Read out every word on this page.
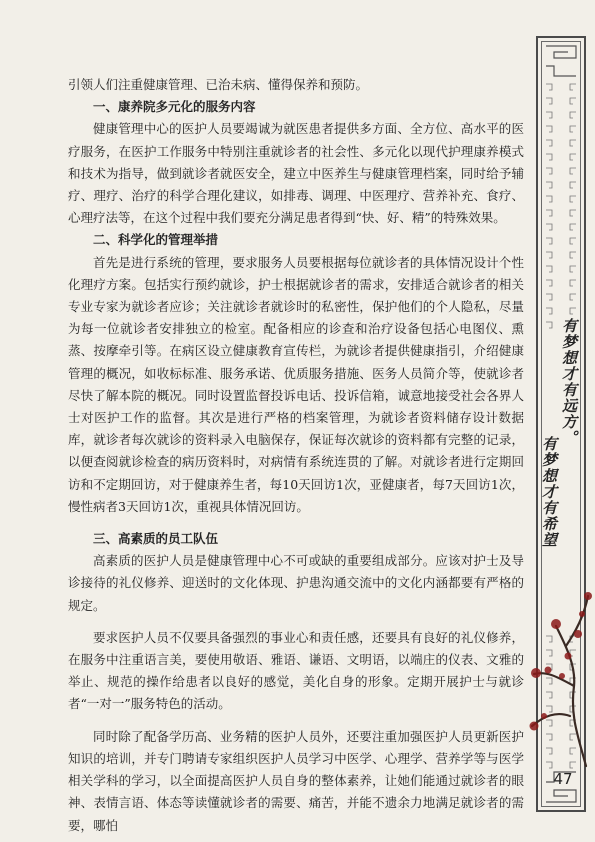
引领人们注重健康管理、已治未病、懂得保养和预防。

一、康养院多元化的服务内容

健康管理中心的医护人员要竭诚为就医患者提供多方面、全方位、高水平的医疗服务，在医护工作服务中特别注重就诊者的社会性、多元化以现代护理康养模式和技术为指导，做到就诊者就医安全，建立中医养生与健康管理档案，同时给予辅疗、理疗、治疗的科学合理化建议，如排毒、调理、中医理疗、营养补充、食疗、心理疗法等，在这个过程中我们要充分满足患者得到“快、好、精”的特殊效果。

二、科学化的管理举措

首先是进行系统的管理，要求服务人员要根据每位就诊者的具体情况设计个性化理疗方案。包括实行预约就诊，护士根据就诊者的需求，安排适合就诊者的相关专业专家为就诊者应诊；关注就诊者就诊时的私密性，保护他们的个人隐私，尽量为每一位就诊者安排独立的检室。配备相应的诊查和治疗设备包括心电图仪、熏蒸、按摩牵引等。在病区设立健康教育宣传栏，为就诊者提供健康指引，介绍健康管理的概况，如收标标准、服务承诺、优质服务措施、医务人员简介等，使就诊者尽快了解本院的概况。同时设置监督投诉电话、投诉信箱，诚意地接受社会各界人士对医护工作的监督。其次是进行严格的档案管理，为就诊者资料储存设计数据库，就诊者每次就诊的资料录入电脑保存，保证每次就诊的资料都有完整的记录，以便查阅就诊检查的病历资料时，对病情有系统连贯的了解。对就诊者进行定期回访和不定期回访，对于健康养生者，每10天回访1次，亚健康者，每7天回访1次，慢性病者3天回访1次，重视具体情况回访。

三、高素质的员工队伍

高素质的医护人员是健康管理中心不可或缺的重要组成部分。应该对护士及导诊接待的礼仪修养、迎送时的文化体现、护患沟通交流中的文化内涵都要有严格的规定。

要求医护人员不仅要具备强烈的事业心和责任感，还要具有良好的礼仪修养，在服务中注重语言美，要使用敬语、雅语、谦语、文明语，以端庄的仪表、文雅的举止、规范的操作给患者以良好的感觉，美化自身的形象。定期开展护士与就诊者“一对一”服务特色的活动。

同时除了配备学历高、业务精的医护人员外，还要注重加强医护人员更新医护知识的培训，并专门聘请专家组织医护人员学习中医学、心理学、营养学等与医学相关学科的学习，以全面提高医护人员自身的整体素养，让她们能通过就诊者的眼神、表情言语、体态等读懂就诊者的需要、痛苦，并能不遗余力地满足就诊者的需要，哪怕

有梦想才有远方。
有梦想才有希望
47
